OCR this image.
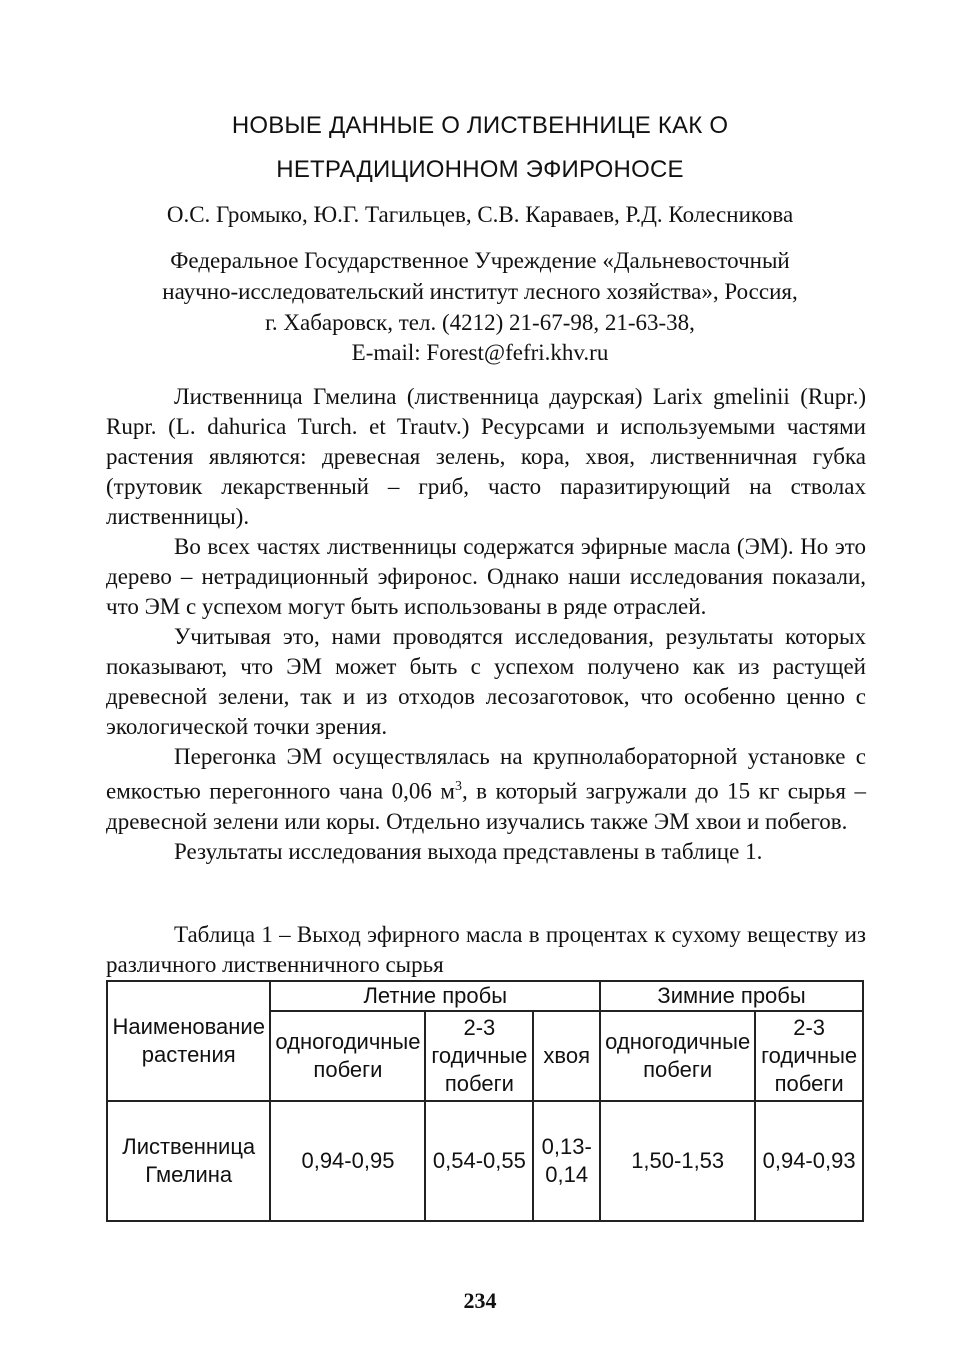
НОВЫЕ ДАННЫЕ О ЛИСТВЕННИЦЕ КАК О
НЕТРАДИЦИОННОМ ЭФИРОНОСЕ
О.С. Громыко, Ю.Г. Тагильцев, С.В. Караваев, Р.Д. Колесникова
Федеральное Государственное Учреждение «Дальневосточный
научно-исследовательский институт лесного хозяйства», Россия,
г. Хабаровск, тел. (4212) 21-67-98, 21-63-38,
E-mail: Forest@fefri.khv.ru

Лиственница Гмелина (лиственница даурская) Larix gmelinii (Rupr.) Rupr. (L. dahurica Turch. et Trautv.) Ресурсами и используемыми частями растения являются: древесная зелень, кора, хвоя, лиственничная губка (трутовик лекарственный – гриб, часто паразитирующий на стволах лиственницы).

Во всех частях лиственницы содержатся эфирные масла (ЭМ). Но это дерево – нетрадиционный эфиронос. Однако наши исследования показали, что ЭМ с успехом могут быть использованы в ряде отраслей.

Учитывая это, нами проводятся исследования, результаты которых показывают, что ЭМ может быть с успехом получено как из растущей древесной зелени, так и из отходов лесозаготовок, что особенно ценно с экологической точки зрения.

Перегонка ЭМ осуществлялась на крупнолабораторной установке с емкостью перегонного чана 0,06 $м^3$, в который загружали до 15 кг сырья – древесной зелени или коры. Отдельно изучались также ЭМ хвои и побегов.

Результаты исследования выхода представлены в таблице 1.

Таблица 1 – Выход эфирного масла в процентах к сухому веществу из различного лиственничного сырья
Наименование растения	Летние пробы			Зимние пробы	
	одногодичные побеги	2-3 годичные побеги	хвоя	одногодичные побеги	2-3 годичные побеги
Лиственница Гмелина	0,94-0,95	0,54-0,55	0,13-0,14	1,50-1,53	0,94-0,93
234
